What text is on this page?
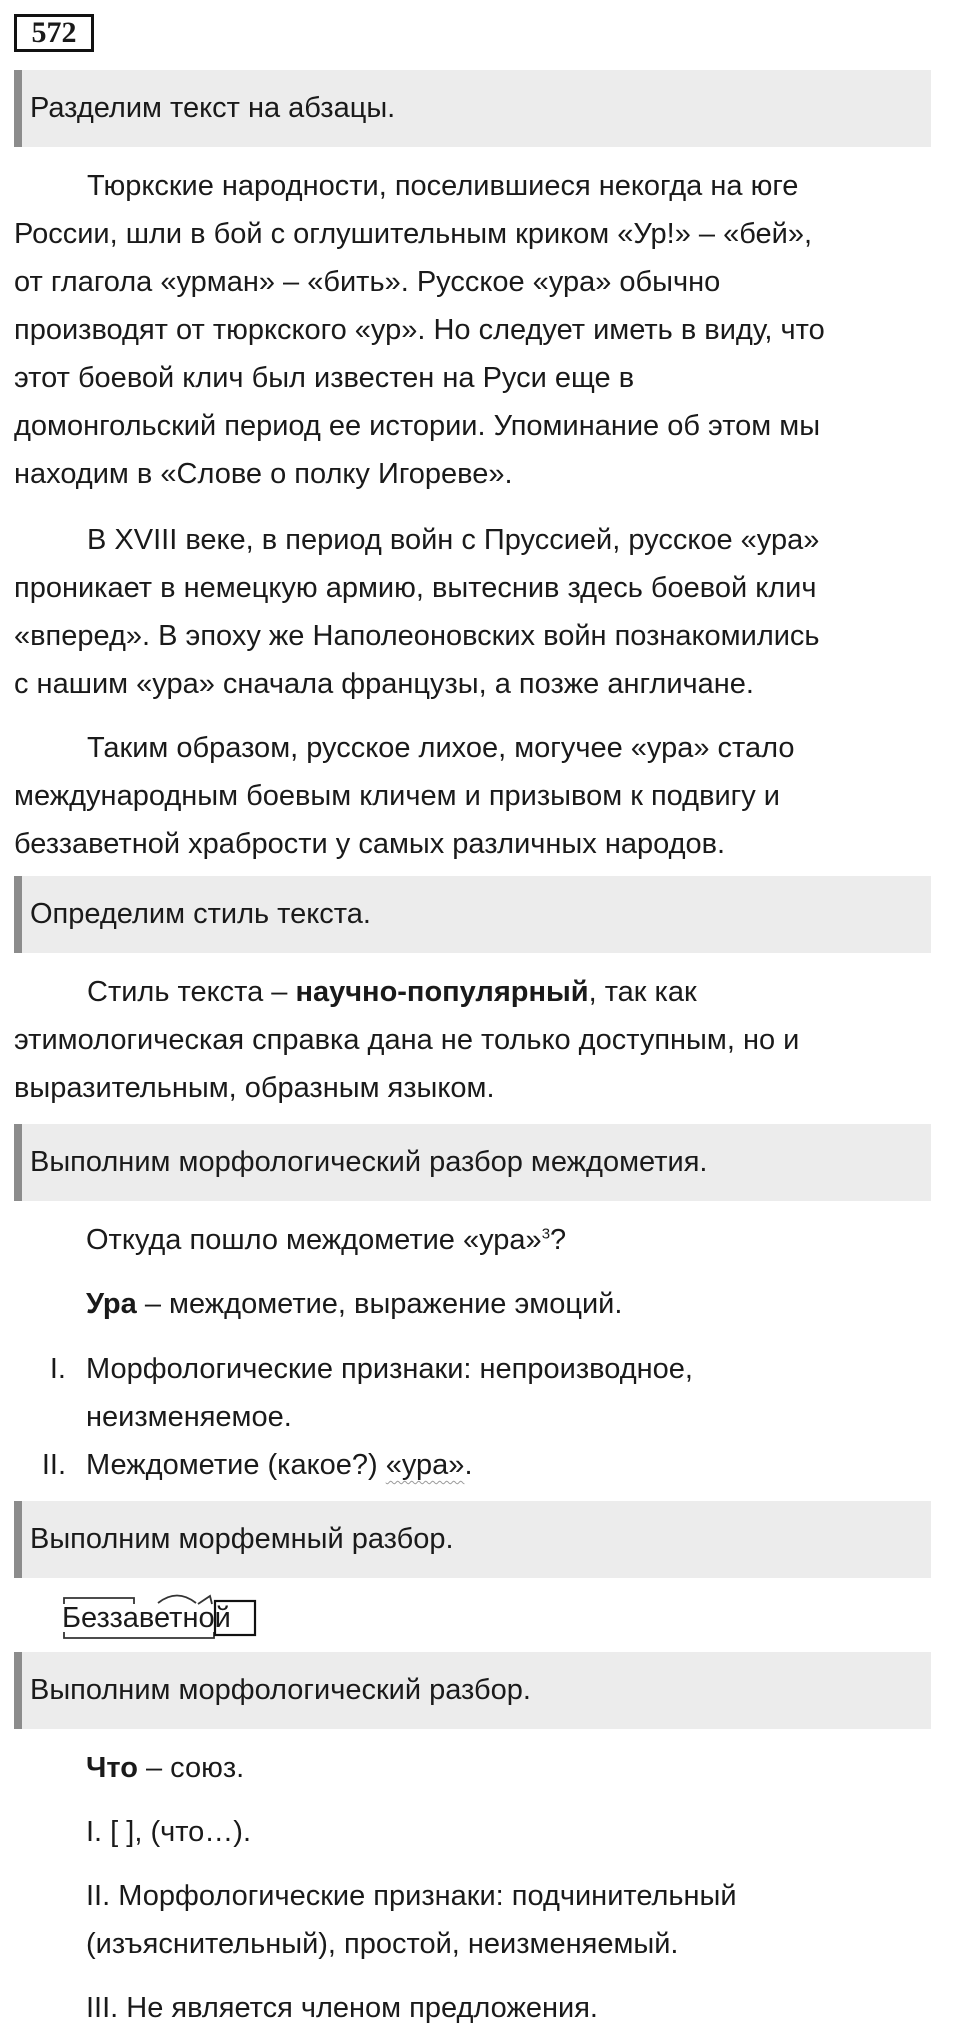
572
Разделим текст на абзацы.
Тюркские народности, поселившиеся некогда на юге
России, шли в бой с оглушительным криком «Ур!» – «бей»,
от глагола «урман» – «бить». Русское «ура» обычно
производят от тюркского «ур». Но следует иметь в виду, что
этот боевой клич был известен на Руси еще в
домонгольский период ее истории. Упоминание об этом мы
находим в «Слове о полку Игореве».
В XVIII веке, в период войн с Пруссией, русское «ура»
проникает в немецкую армию, вытеснив здесь боевой клич
«вперед». В эпоху же Наполеоновских войн познакомились
с нашим «ура» сначала французы, а позже англичане.
Таким образом, русское лихое, могучее «ура» стало
международным боевым кличем и призывом к подвигу и
беззаветной храбрости у самых различных народов.
Определим стиль текста.
Стиль текста – научно-популярный, так как
этимологическая справка дана не только доступным, но и
выразительным, образным языком.
Выполним морфологический разбор междометия.
Откуда пошло междометие «ура»$^3$?
Ура – междометие, выражение эмоций.
I. Морфологические признаки: непроизводное,
неизменяемое.
II. Междометие (какое?) «ура».
Выполним морфемный разбор.
Беззаветной
Выполним морфологический разбор.
Что – союз.
I. [ ], (что…).
II. Морфологические признаки: подчинительный
(изъяснительный), простой, неизменяемый.
III. Не является членом предложения.
